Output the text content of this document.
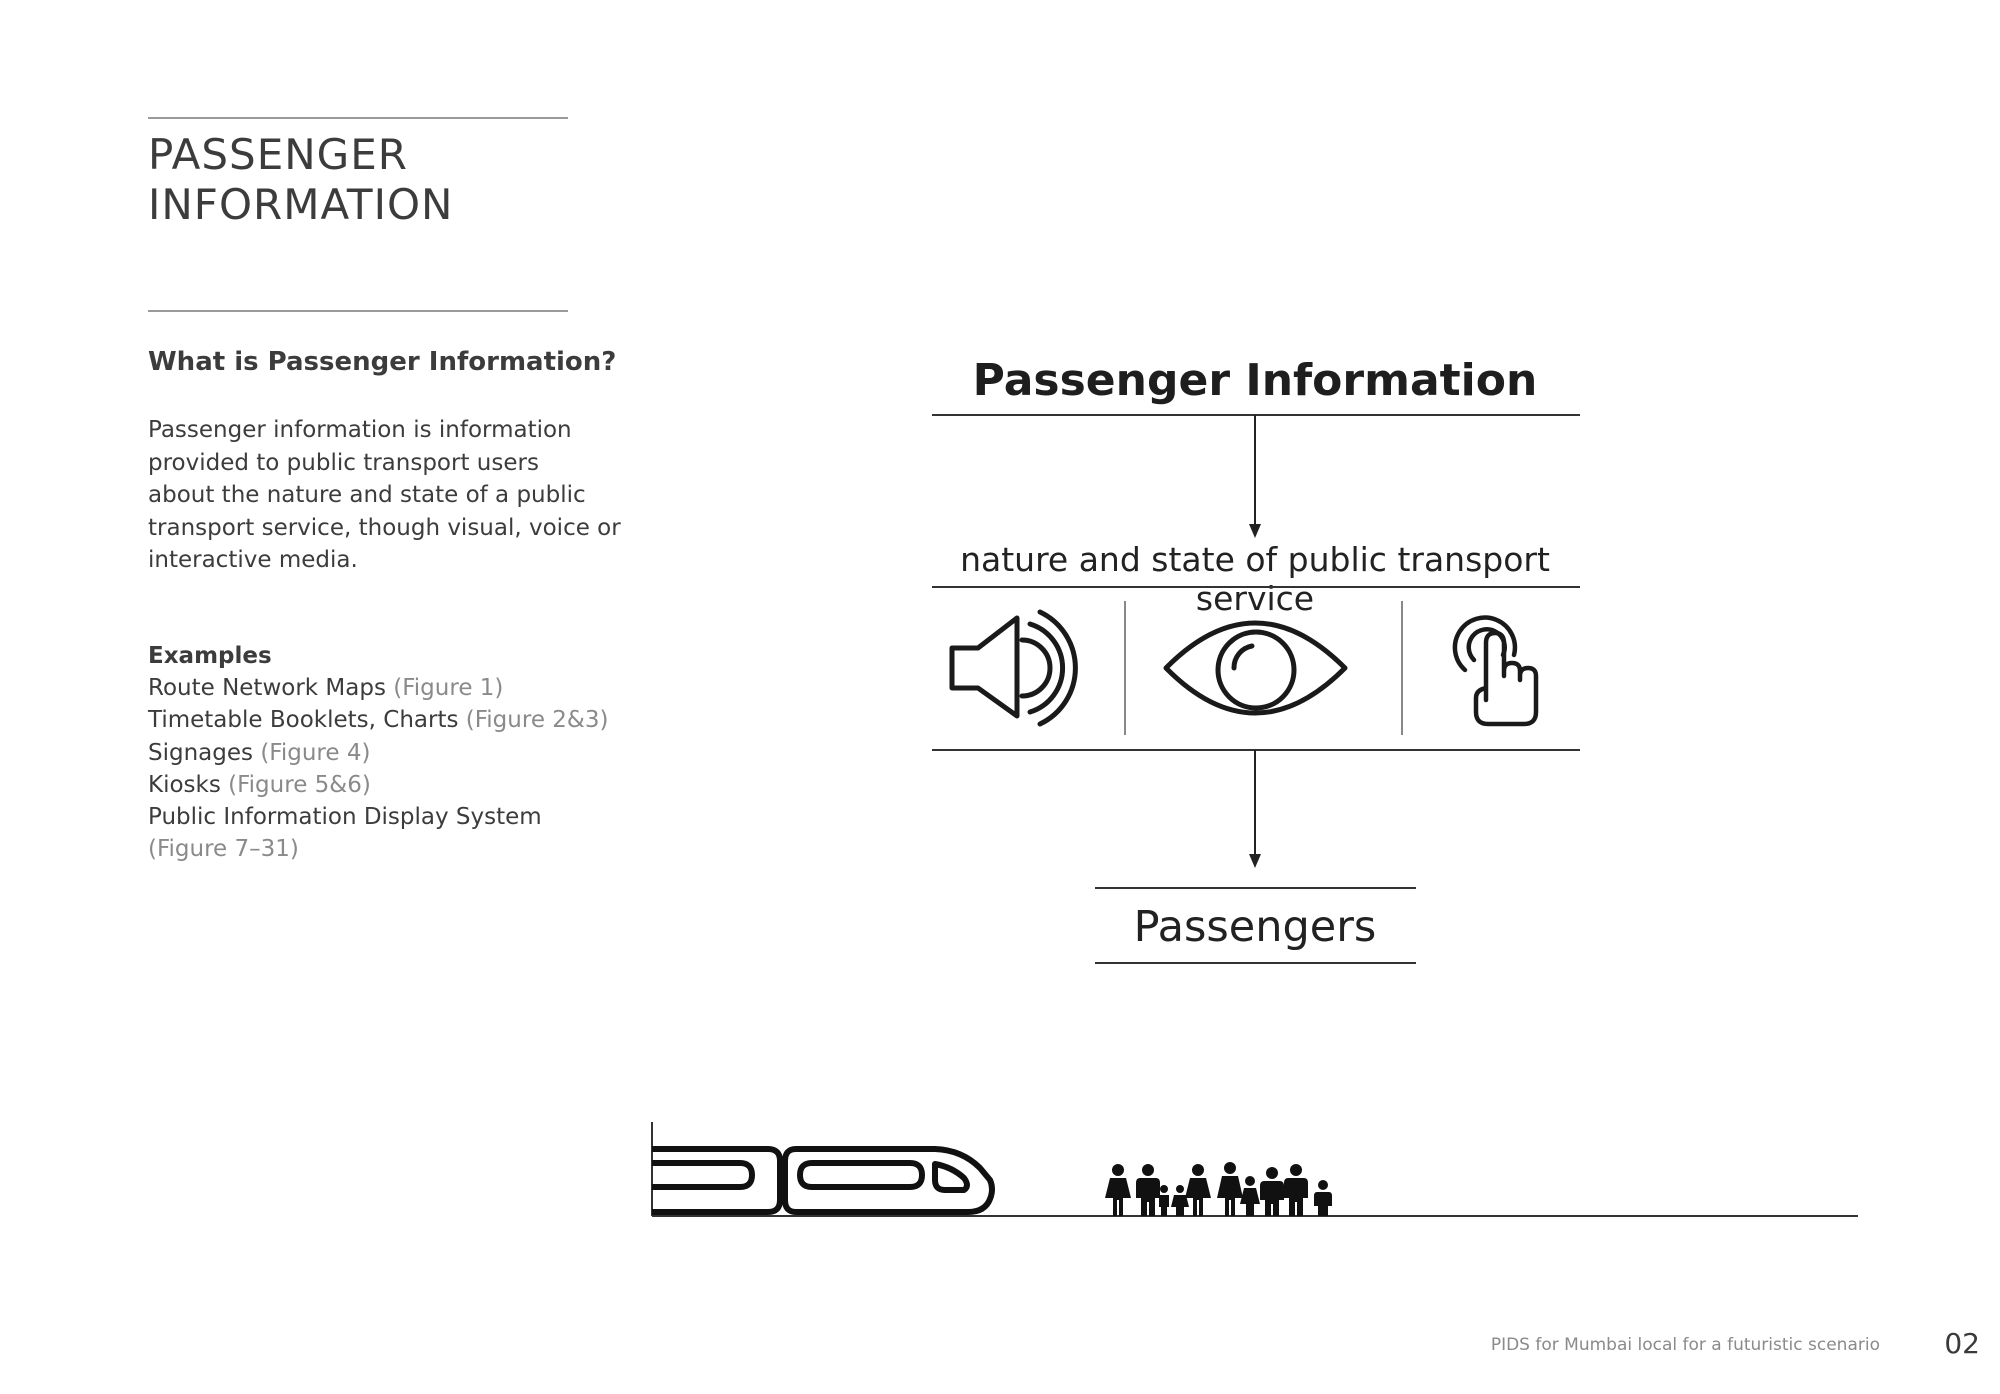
PASSENGER
INFORMATION
What is Passenger Information?
Passenger information is information
provided to public transport users
about the nature and state of a public
transport service, though visual, voice or
interactive media.
Examples
Route Network Maps (Figure 1)
Timetable Booklets, Charts (Figure 2&3)
Signages (Figure 4)
Kiosks (Figure 5&6)
Public Information Display System
(Figure 7–31)
Passenger Information
nature and state of public transport service
Passengers
PIDS for Mumbai local for a futuristic scenario	02
